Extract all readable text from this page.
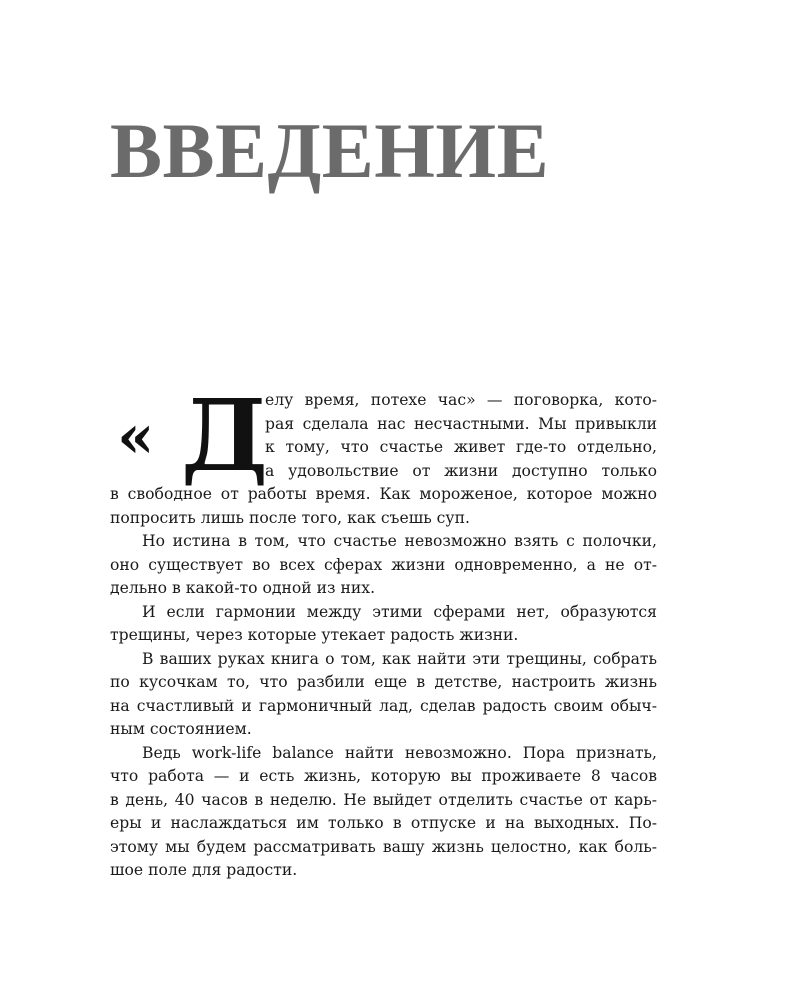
ВВЕДЕНИЕ
« Д
елу время, потехе час» — поговорка, кото-
рая сделала нас несчастными. Мы привыкли
к тому, что счастье живет где-то отдельно,
а удовольствие от жизни доступно только
в свободное от работы время. Как мороженое, которое можно
попросить лишь после того, как съешь суп.
Но истина в том, что счастье невозможно взять с полочки,
оно существует во всех сферах жизни одновременно, а не от-
дельно в какой-то одной из них.
И если гармонии между этими сферами нет, образуются
трещины, через которые утекает радость жизни.
В ваших руках книга о том, как найти эти трещины, собрать
по кусочкам то, что разбили еще в детстве, настроить жизнь
на счастливый и гармоничный лад, сделав радость своим обыч-
ным состоянием.
Ведь work-life balance найти невозможно. Пора признать,
что работа — и есть жизнь, которую вы проживаете 8 часов
в день, 40 часов в неделю. Не выйдет отделить счастье от карь-
еры и наслаждаться им только в отпуске и на выходных. По-
этому мы будем рассматривать вашу жизнь целостно, как боль-
шое поле для радости.
